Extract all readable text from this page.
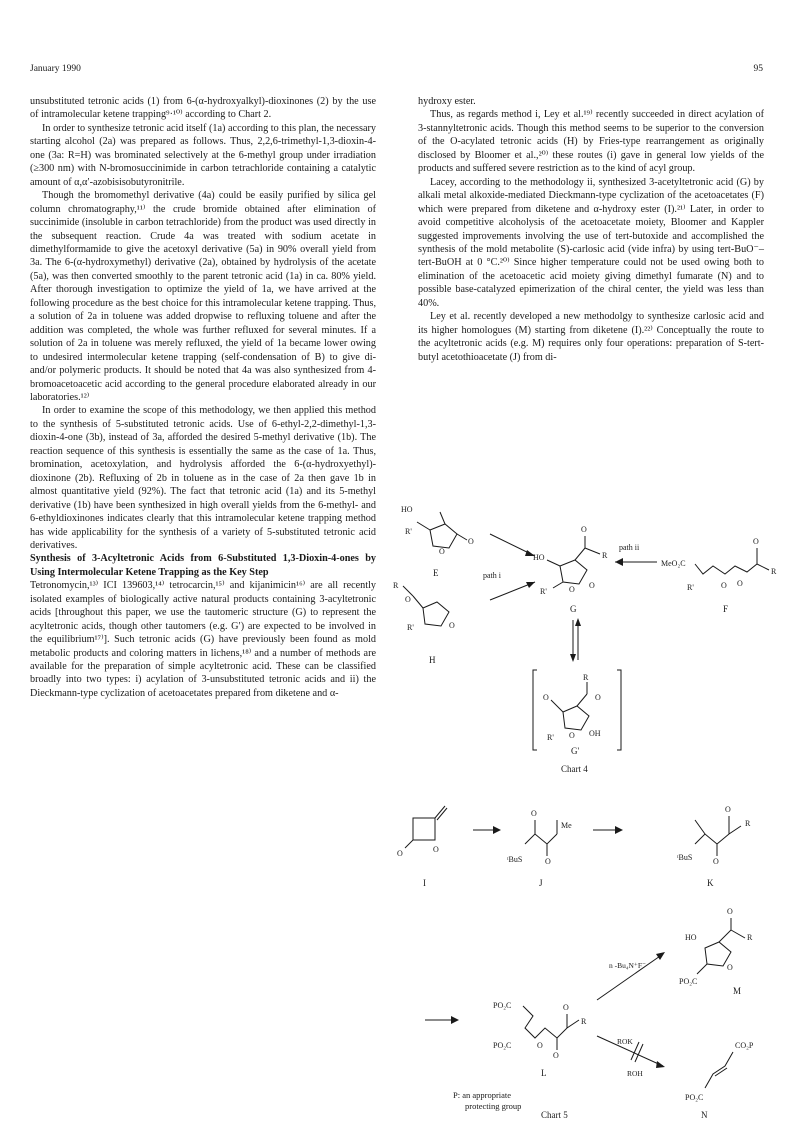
January 1990	95

unsubstituted tetronic acids (1) from 6-(α-hydroxyalkyl)-dioxinones (2) by the use of intramolecular ketene trapping⁹·¹⁰⁾ according to Chart 2.

In order to synthesize tetronic acid itself (1a) according to this plan, the necessary starting alcohol (2a) was prepared as follows. Thus, 2,2,6-trimethyl-1,3-dioxin-4-one (3a: R=H) was brominated selectively at the 6-methyl group under irradiation (≥300 nm) with N-bromosuccinimide in carbon tetrachloride containing a catalytic amount of α,α′-azobisisobutyronitrile.

Though the bromomethyl derivative (4a) could be easily purified by silica gel column chromatography,¹¹⁾ the crude bromide obtained after elimination of succinimide (insoluble in carbon tetrachloride) from the product was used directly in the subsequent reaction. Crude 4a was treated with sodium acetate in dimethylformamide to give the acetoxyl derivative (5a) in 90% overall yield from 3a. The 6-(α-hydroxymethyl) derivative (2a), obtained by hydrolysis of the acetate (5a), was then converted smoothly to the parent tetronic acid (1a) in ca. 80% yield. After thorough investigation to optimize the yield of 1a, we have arrived at the following procedure as the best choice for this intramolecular ketene trapping. Thus, a solution of 2a in toluene was added dropwise to refluxing toluene and after the addition was completed, the whole was further refluxed for several minutes. If a solution of 2a in toluene was merely refluxed, the yield of 1a became lower owing to undesired intermolecular ketene trapping (self-condensation of B) to give di- and/or polymeric products. It should be noted that 4a was also synthesized from 4-bromoacetoacetic acid according to the general procedure elaborated already in our laboratories.¹²⁾

In order to examine the scope of this methodology, we then applied this method to the synthesis of 5-substituted tetronic acids. Use of 6-ethyl-2,2-dimethyl-1,3-dioxin-4-one (3b), instead of 3a, afforded the desired 5-methyl derivative (1b). The reaction sequence of this synthesis is essentially the same as the case of 1a. Thus, bromination, acetoxylation, and hydrolysis afforded the 6-(α-hydroxyethyl)-dioxinone (2b). Refluxing of 2b in toluene as in the case of 2a then gave 1b in almost quantitative yield (92%). The fact that tetronic acid (1a) and its 5-methyl derivative (1b) have been synthesized in high overall yields from the 6-methyl- and 6-ethyldioxinones indicates clearly that this intramolecular ketene trapping method has wide applicability for the synthesis of a variety of 5-substituted tetronic acid derivatives.

Synthesis of 3-Acyltetronic Acids from 6-Substituted 1,3-Dioxin-4-ones by Using Intermolecular Ketene Trapping as the Key Step

Tetronomycin,¹³⁾ ICI 139603,¹⁴⁾ tetrocarcin,¹⁵⁾ and kijanimicin¹⁶⁾ are all recently isolated examples of biologically active natural products containing 3-acyltetronic acids [throughout this paper, we use the tautomeric structure (G) to represent the acyltetronic acids, though other tautomers (e.g. G′) are expected to be involved in the equilibrium¹⁷⁾]. Such tetronic acids (G) have previously been found as mold metabolic products and coloring matters in lichens,¹⁸⁾ and a number of methods are available for the preparation of simple acyltetronic acid. These can be classified broadly into two types: i) acylation of 3-unsubstituted tetronic acids and ii) the Dieckmann-type cyclization of acetoacetates prepared from diketene and α-

hydroxy ester.

Thus, as regards method i, Ley et al.¹⁹⁾ recently succeeded in direct acylation of 3-stannyltetronic acids. Though this method seems to be superior to the conversion of the O-acylated tetronic acids (H) by Fries-type rearrangement as originally disclosed by Bloomer et al.,²⁰⁾ these routes (i) gave in general low yields of the products and suffered severe restriction as to the kind of acyl group.

Lacey, according to the methodology ii, synthesized 3-acetyltetronic acid (G) by alkali metal alkoxide-mediated Dieckmann-type cyclization of the acetoacetates (F) which were prepared from diketene and α-hydroxy ester (I).²¹⁾ Later, in order to avoid competitive alcoholysis of the acetoacetate moiety, Bloomer and Kappler suggested improvements involving the use of tert-butoxide and accomplished the synthesis of the mold metabolite (S)-carlosic acid (vide infra) by using tert-BuO⁻–tert-BuOH at 0 °C.²⁰⁾ Since higher temperature could not be used owing both to elimination of the acetoacetic acid moiety giving dimethyl fumarate (N) and to possible base-catalyzed epimerization of the chiral center, the yield was less than 40%.

Ley et al. recently developed a new methodolgy to synthesize carlosic acid and its higher homologues (M) starting from diketene (I).²²⁾ Conceptually the route to the acyltetronic acids (e.g. M) requires only four operations: preparation of S-tert-butyl acetothioacetate (J) from di-

HO
R'
O
O
E	path i
HO
O
R
R'	O O
G
path ii
MeO₂C
O
R
R'	O O
F
R
O
R'	O
H
R
O	O
R' O OH
G'
Chart 4
O	O
I
Me
O
ᵗBuS	O
J
O
R
ᵗBuS	O
K
HO
O
R
O
PO₂C
M
PO₂C
PO₂C
O
R
O
O
L
n -Bu₄N⁺F⁻
ROK
ROH
CO₂P
PO₂C
N
P: an appropriate
protecting group
Chart 5
